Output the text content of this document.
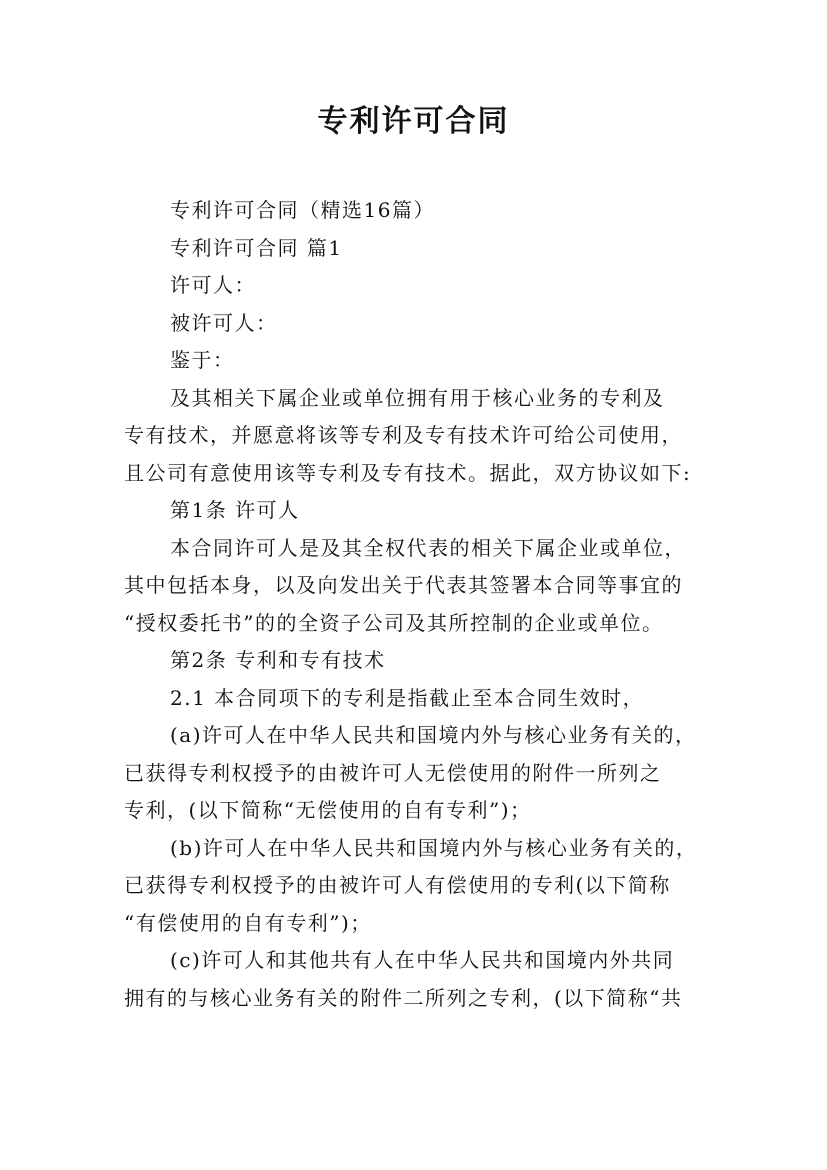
专利许可合同

专利许可合同（精选16篇）

专利许可合同 篇1

许可人：

被许可人：

鉴于：

及其相关下属企业或单位拥有用于核心业务的专利及

专有技术，并愿意将该等专利及专有技术许可给公司使用，

且公司有意使用该等专利及专有技术。据此，双方协议如下:

第1条 许可人

本合同许可人是及其全权代表的相关下属企业或单位，

其中包括本身，以及向发出关于代表其签署本合同等事宜的

“授权委托书”的的全资子公司及其所控制的企业或单位。

第2条 专利和专有技术

2.1 本合同项下的专利是指截止至本合同生效时，

(a)许可人在中华人民共和国境内外与核心业务有关的，

已获得专利权授予的由被许可人无偿使用的附件一所列之

专利，(以下简称“无偿使用的自有专利”)；

(b)许可人在中华人民共和国境内外与核心业务有关的，

已获得专利权授予的由被许可人有偿使用的专利(以下简称

“有偿使用的自有专利”)；

(c)许可人和其他共有人在中华人民共和国境内外共同

拥有的与核心业务有关的附件二所列之专利，(以下简称“共
